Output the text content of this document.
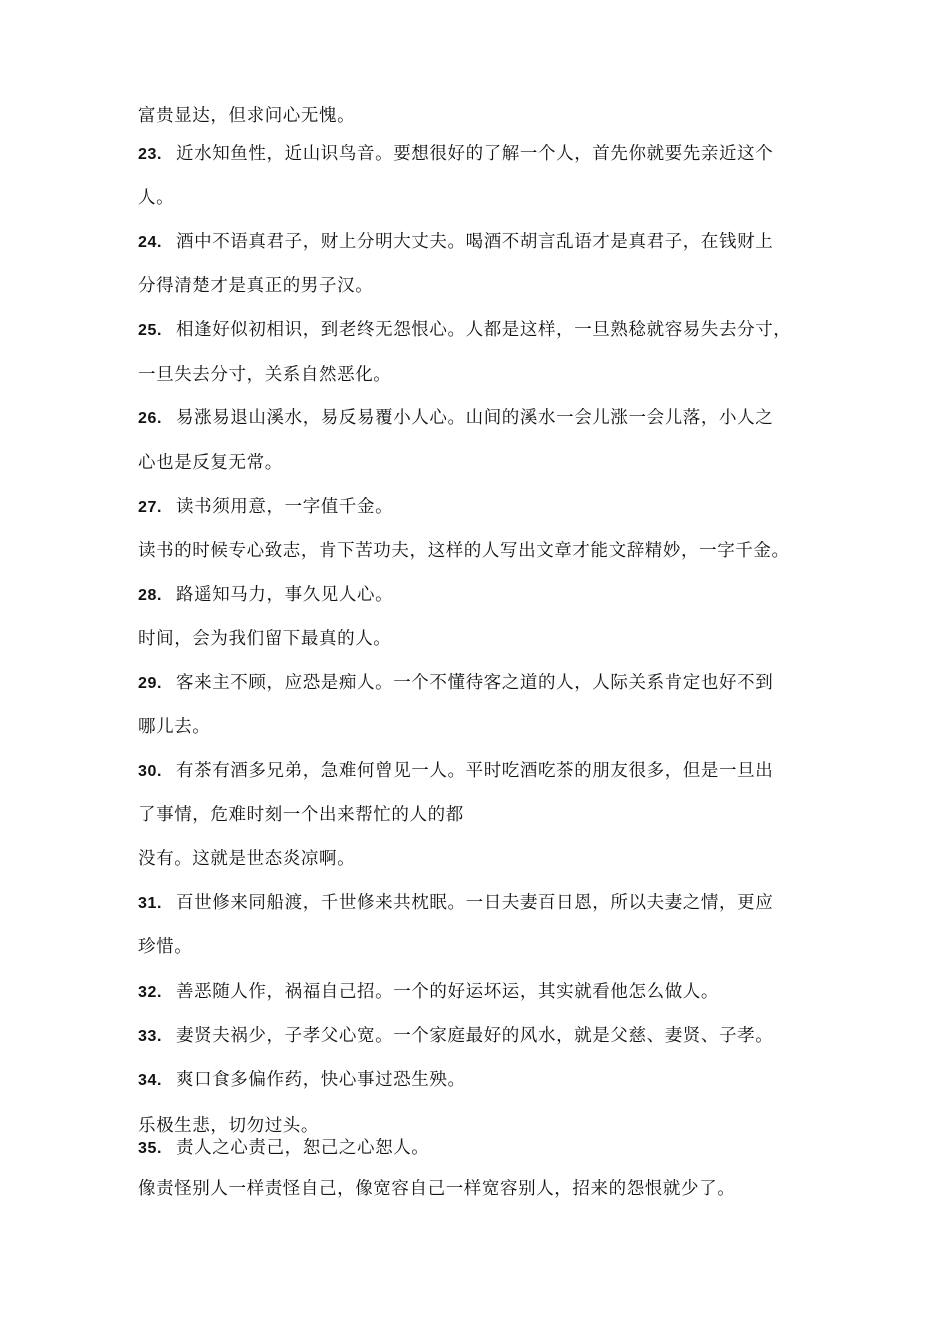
富贵显达，但求问心无愧。
23. 近水知鱼性，近山识鸟音。要想很好的了解一个人，首先你就要先亲近这个
人。
24. 酒中不语真君子，财上分明大丈夫。喝酒不胡言乱语才是真君子，在钱财上
分得清楚才是真正的男子汉。
25. 相逢好似初相识，到老终无怨恨心。人都是这样，一旦熟稔就容易失去分寸，
一旦失去分寸，关系自然恶化。
26. 易涨易退山溪水，易反易覆小人心。山间的溪水一会儿涨一会儿落，小人之
心也是反复无常。
27. 读书须用意，一字值千金。
读书的时候专心致志，肯下苦功夫，这样的人写出文章才能文辞精妙，一字千金。
28. 路遥知马力，事久见人心。
时间，会为我们留下最真的人。
29. 客来主不顾，应恐是痴人。一个不懂待客之道的人，人际关系肯定也好不到
哪儿去。
30. 有茶有酒多兄弟，急难何曾见一人。平时吃酒吃茶的朋友很多，但是一旦出
了事情，危难时刻一个出来帮忙的人的都
没有。这就是世态炎凉啊。
31. 百世修来同船渡，千世修来共枕眠。一日夫妻百日恩，所以夫妻之情，更应
珍惜。
32. 善恶随人作，祸福自己招。一个的好运坏运，其实就看他怎么做人。
33. 妻贤夫祸少，子孝父心宽。一个家庭最好的风水，就是父慈、妻贤、子孝。
34. 爽口食多偏作药，快心事过恐生殃。
乐极生悲，切勿过头。
35. 责人之心责己，恕己之心恕人。
像责怪别人一样责怪自己，像宽容自己一样宽容别人，招来的怨恨就少了。
